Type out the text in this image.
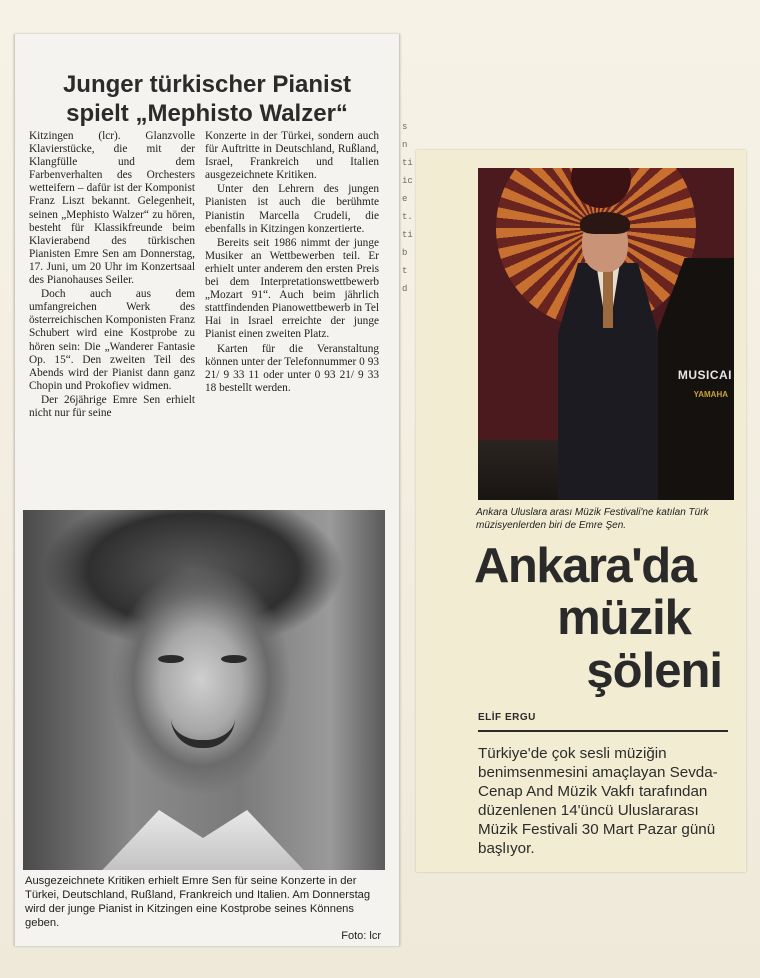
Junger türkischer Pianist spielt „Mephisto Walzer“

Kitzingen (lcr). Glanzvolle Klavierstücke, die mit der Klangfülle und dem Farbenverhalten des Orchesters wetteifern – dafür ist der Komponist Franz Liszt bekannt. Gelegenheit, seinen „Mephisto Walzer“ zu hören, besteht für Klassikfreunde beim Klavierabend des türkischen Pianisten Emre Sen am Donnerstag, 17. Juni, um 20 Uhr im Konzertsaal des Pianohauses Seiler.

Doch auch aus dem umfangreichen Werk des österreichischen Komponisten Franz Schubert wird eine Kostprobe zu hören sein: Die „Wanderer Fantasie Op. 15“. Den zweiten Teil des Abends wird der Pianist dann ganz Chopin und Prokofiev widmen.

Der 26jährige Emre Sen erhielt nicht nur für seine

Konzerte in der Türkei, sondern auch für Auftritte in Deutschland, Rußland, Israel, Frankreich und Italien ausgezeichnete Kritiken.

Unter den Lehrern des jungen Pianisten ist auch die berühmte Pianistin Marcella Crudeli, die ebenfalls in Kitzingen konzertierte.

Bereits seit 1986 nimmt der junge Musiker an Wettbewerben teil. Er erhielt unter anderem den ersten Preis bei dem Interpretationswettbewerb „Mozart 91“. Auch beim jährlich stattfindenden Pianowettbewerb in Tel Hai in Israel erreichte der junge Pianist einen zweiten Platz.

Karten für die Veranstaltung können unter der Telefonnummer 0 93 21/ 9 33 11 oder unter 0 93 21/ 9 33 18 bestellt werden.

Ausgezeichnete Kritiken erhielt Emre Sen für seine Konzerte in der Türkei, Deutschland, Rußland, Frankreich und Italien. Am Donnerstag wird der junge Pianist in Kitzingen eine Kostprobe seines Könnens geben.

Foto: lcr
s n ti ic e t. ti b t d
MUSICAI
YAMAHA

Ankara Uluslara arası Müzik Festivali'ne katılan Türk müzisyenlerden biri de Emre Şen.

Ankara'da
müzik
şöleni
ELİF ERGU

Türkiye'de çok sesli müziğin benimsenmesini amaçlayan Sevda-Cenap And Müzik Vakfı tarafından düzenlenen 14'üncü Uluslararası Müzik Festivali 30 Mart Pazar günü başlıyor.
